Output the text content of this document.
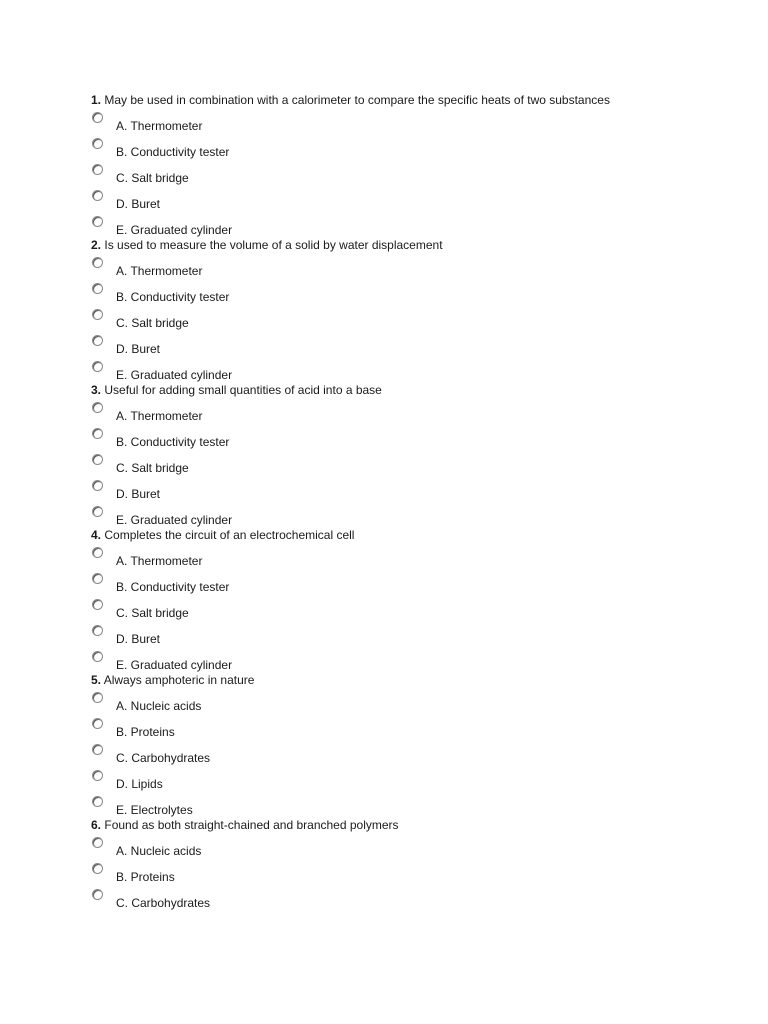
1. May be used in combination with a calorimeter to compare the specific heats of two substances
A. Thermometer
B. Conductivity tester
C. Salt bridge
D. Buret
E. Graduated cylinder
2. Is used to measure the volume of a solid by water displacement
A. Thermometer
B. Conductivity tester
C. Salt bridge
D. Buret
E. Graduated cylinder
3. Useful for adding small quantities of acid into a base
A. Thermometer
B. Conductivity tester
C. Salt bridge
D. Buret
E. Graduated cylinder
4. Completes the circuit of an electrochemical cell
A. Thermometer
B. Conductivity tester
C. Salt bridge
D. Buret
E. Graduated cylinder
5. Always amphoteric in nature
A. Nucleic acids
B. Proteins
C. Carbohydrates
D. Lipids
E. Electrolytes
6. Found as both straight-chained and branched polymers
A. Nucleic acids
B. Proteins
C. Carbohydrates
